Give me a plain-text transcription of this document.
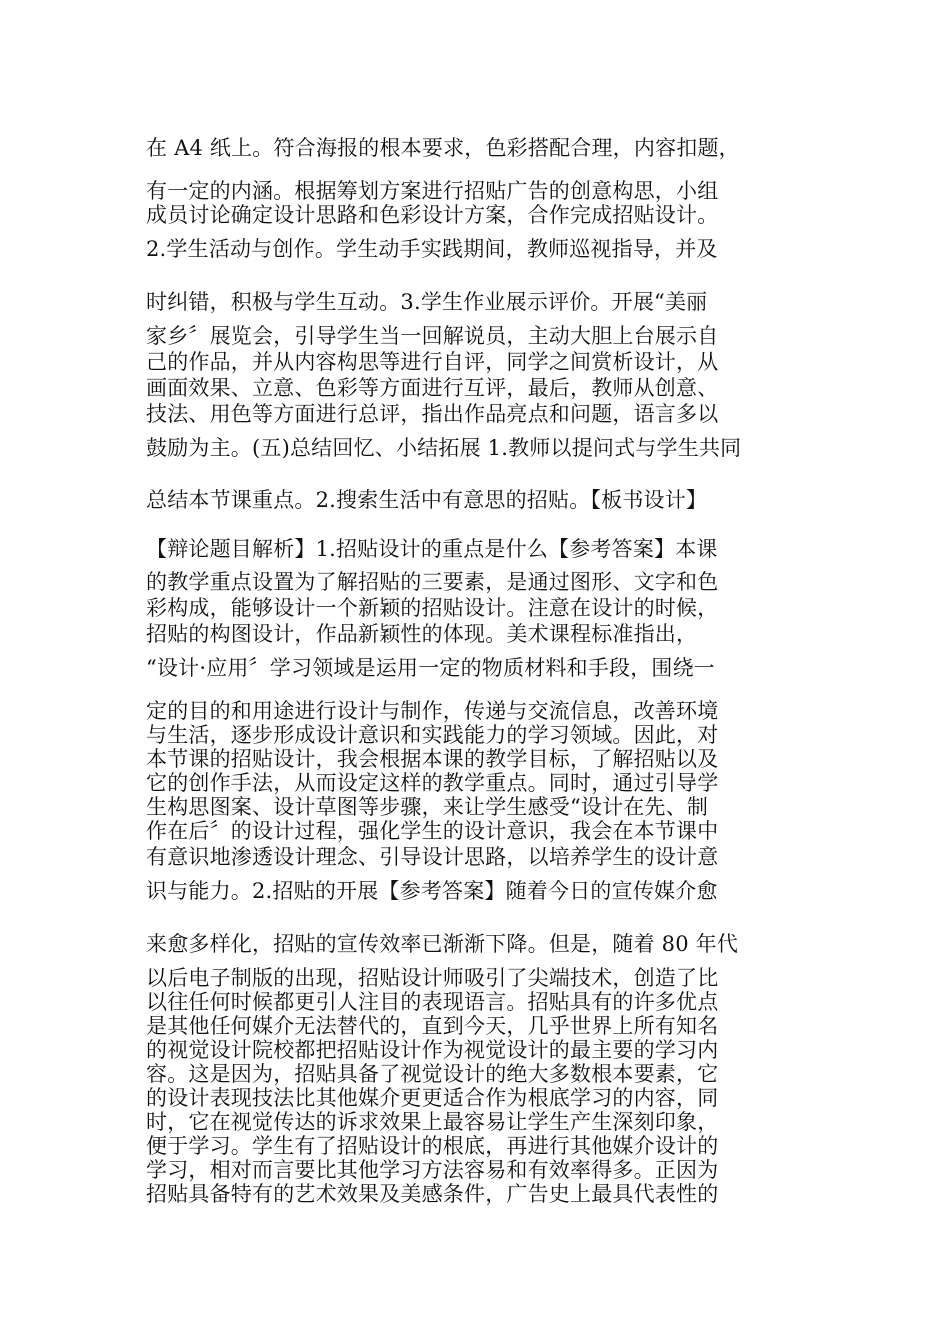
在 A4 纸上。符合海报的根本要求，色彩搭配合理，内容扣题，
有一定的内涵。根据筹划方案进行招贴广告的创意构思，小组
成员讨论确定设计思路和色彩设计方案，合作完成招贴设计。
2.学生活动与创作。学生动手实践期间，教师巡视指导，并及
时纠错，积极与学生互动。3.学生作业展示评价。开展“美丽
家乡〞展览会，引导学生当一回解说员，主动大胆上台展示自
己的作品，并从内容构思等进行自评，同学之间赏析设计，从
画面效果、立意、色彩等方面进行互评，最后，教师从创意、
技法、用色等方面进行总评，指出作品亮点和问题，语言多以
鼓励为主。(五)总结回忆、小结拓展 1.教师以提问式与学生共同
总结本节课重点。2.搜索生活中有意思的招贴。【板书设计】
【辩论题目解析】1.招贴设计的重点是什么【参考答案】本课
的教学重点设置为了解招贴的三要素，是通过图形、文字和色
彩构成，能够设计一个新颖的招贴设计。注意在设计的时候，
招贴的构图设计，作品新颖性的体现。美术课程标准指出，
“设计·应用〞学习领域是运用一定的物质材料和手段，围绕一
定的目的和用途进行设计与制作，传递与交流信息，改善环境
与生活，逐步形成设计意识和实践能力的学习领域。因此，对
本节课的招贴设计，我会根据本课的教学目标，了解招贴以及
它的创作手法，从而设定这样的教学重点。同时，通过引导学
生构思图案、设计草图等步骤，来让学生感受“设计在先、制
作在后〞的设计过程，强化学生的设计意识，我会在本节课中
有意识地渗透设计理念、引导设计思路，以培养学生的设计意
识与能力。2.招贴的开展【参考答案】随着今日的宣传媒介愈
来愈多样化，招贴的宣传效率已渐渐下降。但是，随着 80 年代
以后电子制版的出现，招贴设计师吸引了尖端技术，创造了比
以往任何时候都更引人注目的表现语言。招贴具有的许多优点
是其他任何媒介无法替代的，直到今天，几乎世界上所有知名
的视觉设计院校都把招贴设计作为视觉设计的最主要的学习内
容。这是因为，招贴具备了视觉设计的绝大多数根本要素，它
的设计表现技法比其他媒介更更适合作为根底学习的内容，同
时，它在视觉传达的诉求效果上最容易让学生产生深刻印象，
便于学习。学生有了招贴设计的根底，再进行其他媒介设计的
学习，相对而言要比其他学习方法容易和有效率得多。正因为
招贴具备特有的艺术效果及美感条件，广告史上最具代表性的
